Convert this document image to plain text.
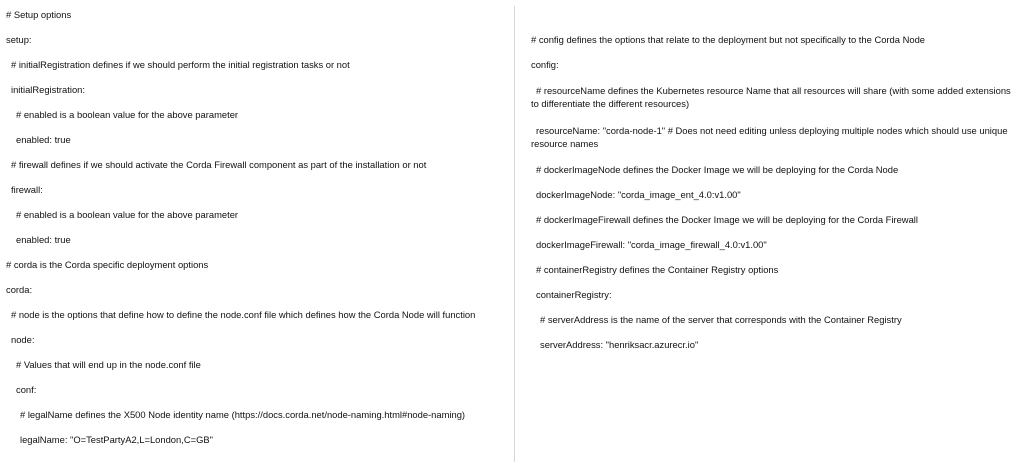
# Setup options
setup:
# initialRegistration defines if we should perform the initial registration tasks or not
initialRegistration:
# enabled is a boolean value for the above parameter
enabled: true
# firewall defines if we should activate the Corda Firewall component as part of the installation or not
firewall:
# enabled is a boolean value for the above parameter
enabled: true
# corda is the Corda specific deployment options
corda:
# node is the options that define how to define the node.conf file which defines how the Corda Node will function
node:
# Values that will end up in the node.conf file
conf:
# legalName defines the X500 Node identity name (https://docs.corda.net/node-naming.html#node-naming)
legalName: "O=TestPartyA2,L=London,C=GB"
# config defines the options that relate to the deployment but not specifically to the Corda Node
config:
# resourceName defines the Kubernetes resource Name that all resources will share (with some added extensions to differentiate the different resources)
resourceName: "corda-node-1" # Does not need editing unless deploying multiple nodes which should use unique resource names
# dockerImageNode defines the Docker Image we will be deploying for the Corda Node
dockerImageNode: "corda_image_ent_4.0:v1.00"
# dockerImageFirewall defines the Docker Image we will be deploying for the Corda Firewall
dockerImageFirewall: "corda_image_firewall_4.0:v1.00"
# containerRegistry defines the Container Registry options
containerRegistry:
# serverAddress is the name of the server that corresponds with the Container Registry
serverAddress: "henriksacr.azurecr.io"
